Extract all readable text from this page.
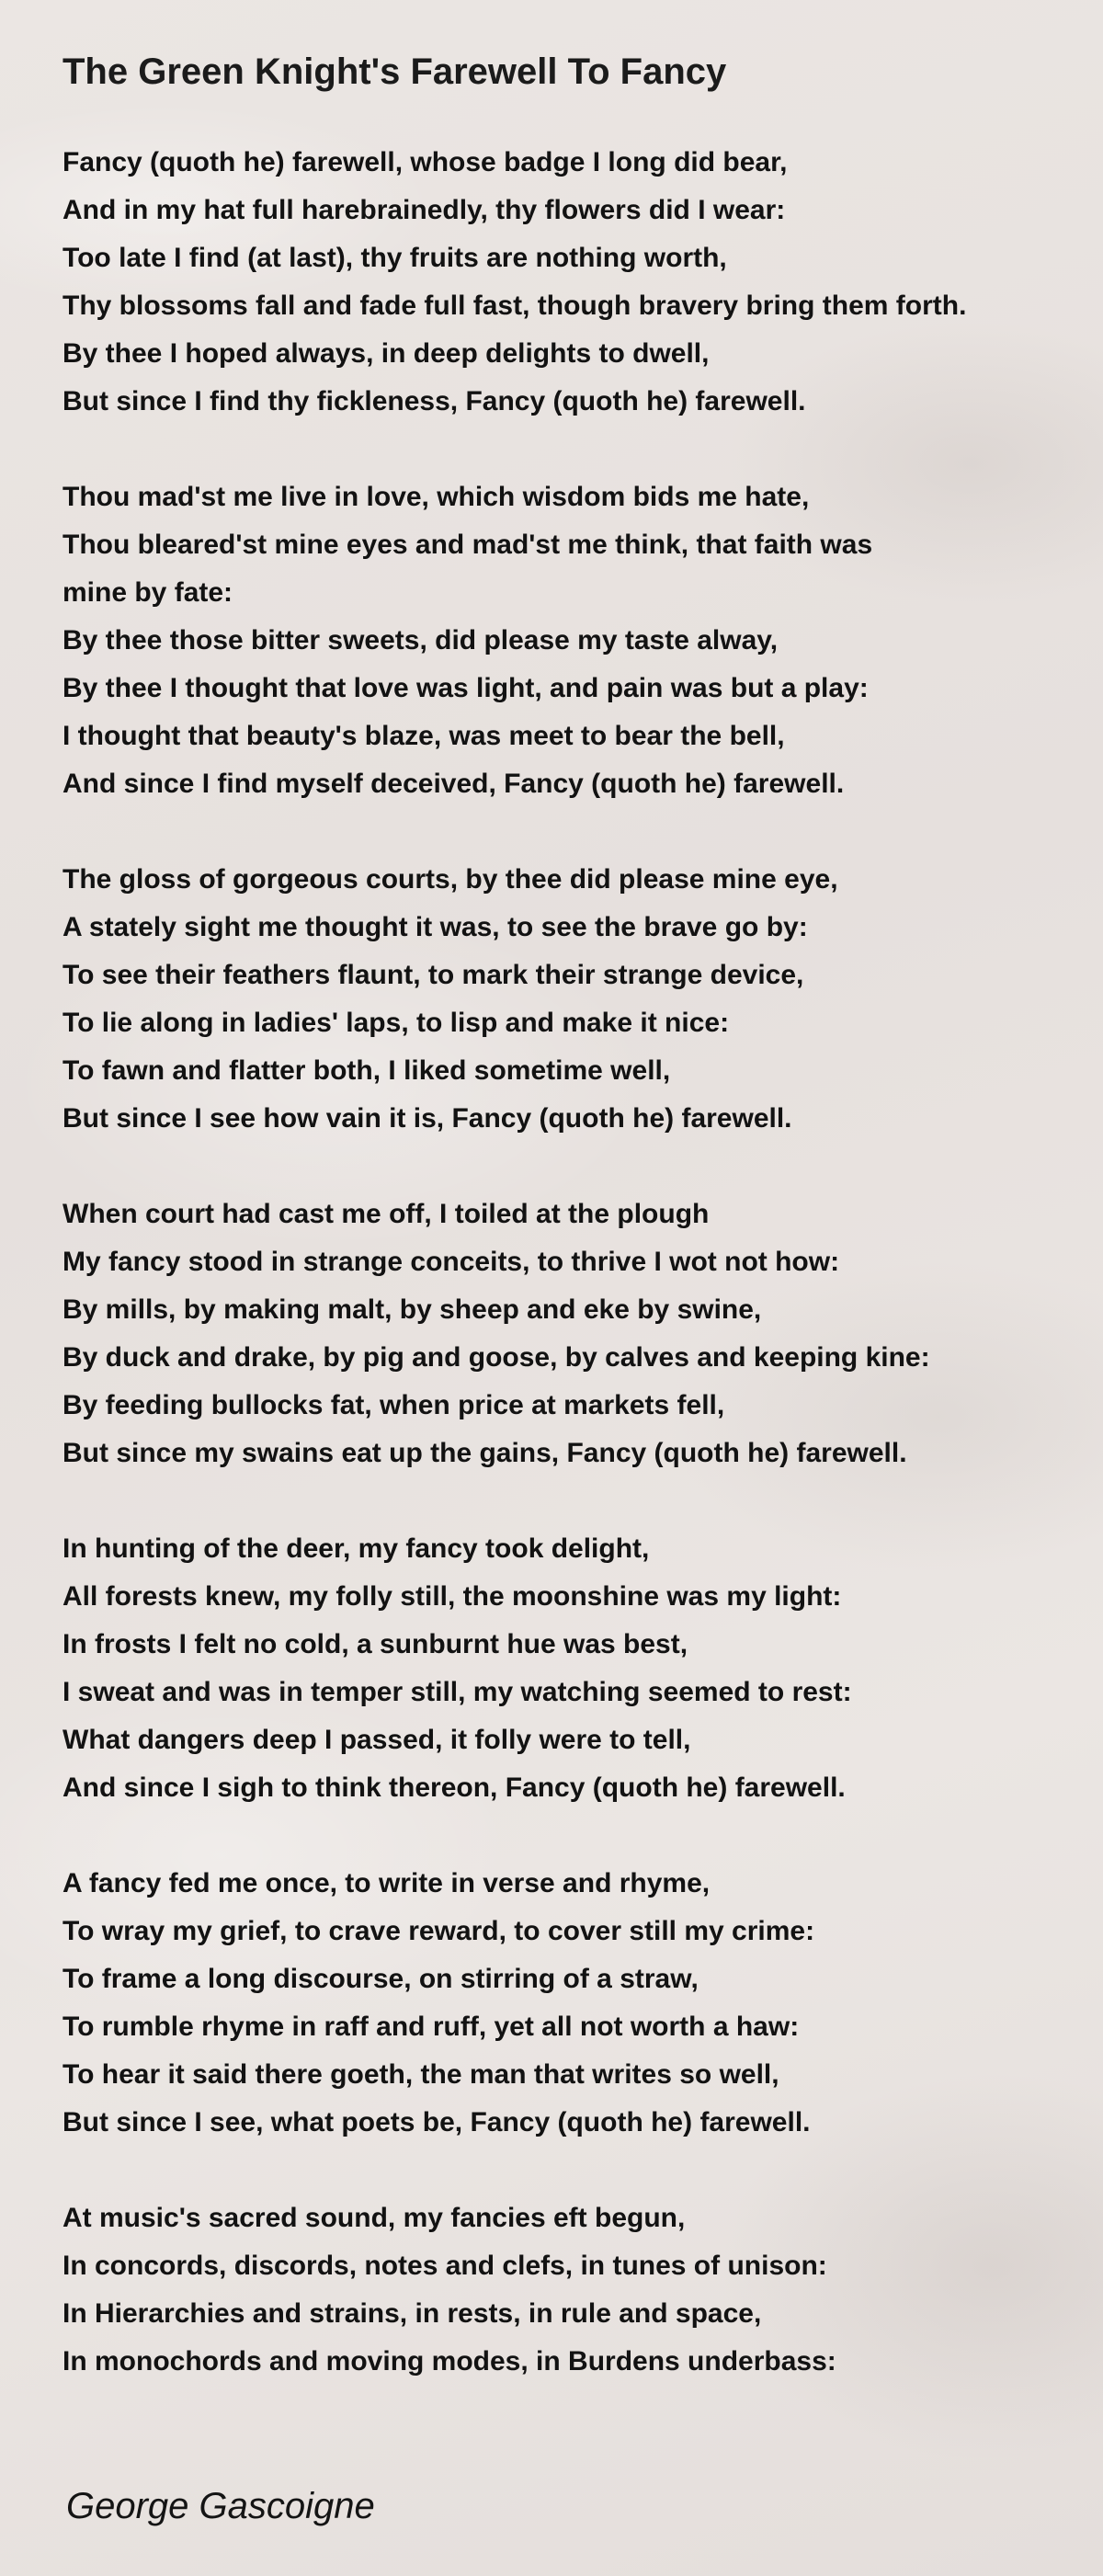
The Green Knight's Farewell To Fancy
Fancy (quoth he) farewell, whose badge I long did bear,
And in my hat full harebrainedly, thy flowers did I wear:
Too late I find (at last), thy fruits are nothing worth,
Thy blossoms fall and fade full fast, though bravery bring them forth.
By thee I hoped always, in deep delights to dwell,
But since I find thy fickleness, Fancy (quoth he) farewell.
Thou mad'st me live in love, which wisdom bids me hate,
Thou bleared'st mine eyes and mad'st me think, that faith was
mine by fate:
By thee those bitter sweets, did please my taste alway,
By thee I thought that love was light, and pain was but a play:
I thought that beauty's blaze, was meet to bear the bell,
And since I find myself deceived, Fancy (quoth he) farewell.
The gloss of gorgeous courts, by thee did please mine eye,
A stately sight me thought it was, to see the brave go by:
To see their feathers flaunt, to mark their strange device,
To lie along in ladies' laps, to lisp and make it nice:
To fawn and flatter both, I liked sometime well,
But since I see how vain it is, Fancy (quoth he) farewell.
When court had cast me off, I toiled at the plough
My fancy stood in strange conceits, to thrive I wot not how:
By mills, by making malt, by sheep and eke by swine,
By duck and drake, by pig and goose, by calves and keeping kine:
By feeding bullocks fat, when price at markets fell,
But since my swains eat up the gains, Fancy (quoth he) farewell.
In hunting of the deer, my fancy took delight,
All forests knew, my folly still, the moonshine was my light:
In frosts I felt no cold, a sunburnt hue was best,
I sweat and was in temper still, my watching seemed to rest:
What dangers deep I passed, it folly were to tell,
And since I sigh to think thereon, Fancy (quoth he) farewell.
A fancy fed me once, to write in verse and rhyme,
To wray my grief, to crave reward, to cover still my crime:
To frame a long discourse, on stirring of a straw,
To rumble rhyme in raff and ruff, yet all not worth a haw:
To hear it said there goeth, the man that writes so well,
But since I see, what poets be, Fancy (quoth he) farewell.
At music's sacred sound, my fancies eft begun,
In concords, discords, notes and clefs, in tunes of unison:
In Hierarchies and strains, in rests, in rule and space,
In monochords and moving modes, in Burdens underbass:
George Gascoigne
